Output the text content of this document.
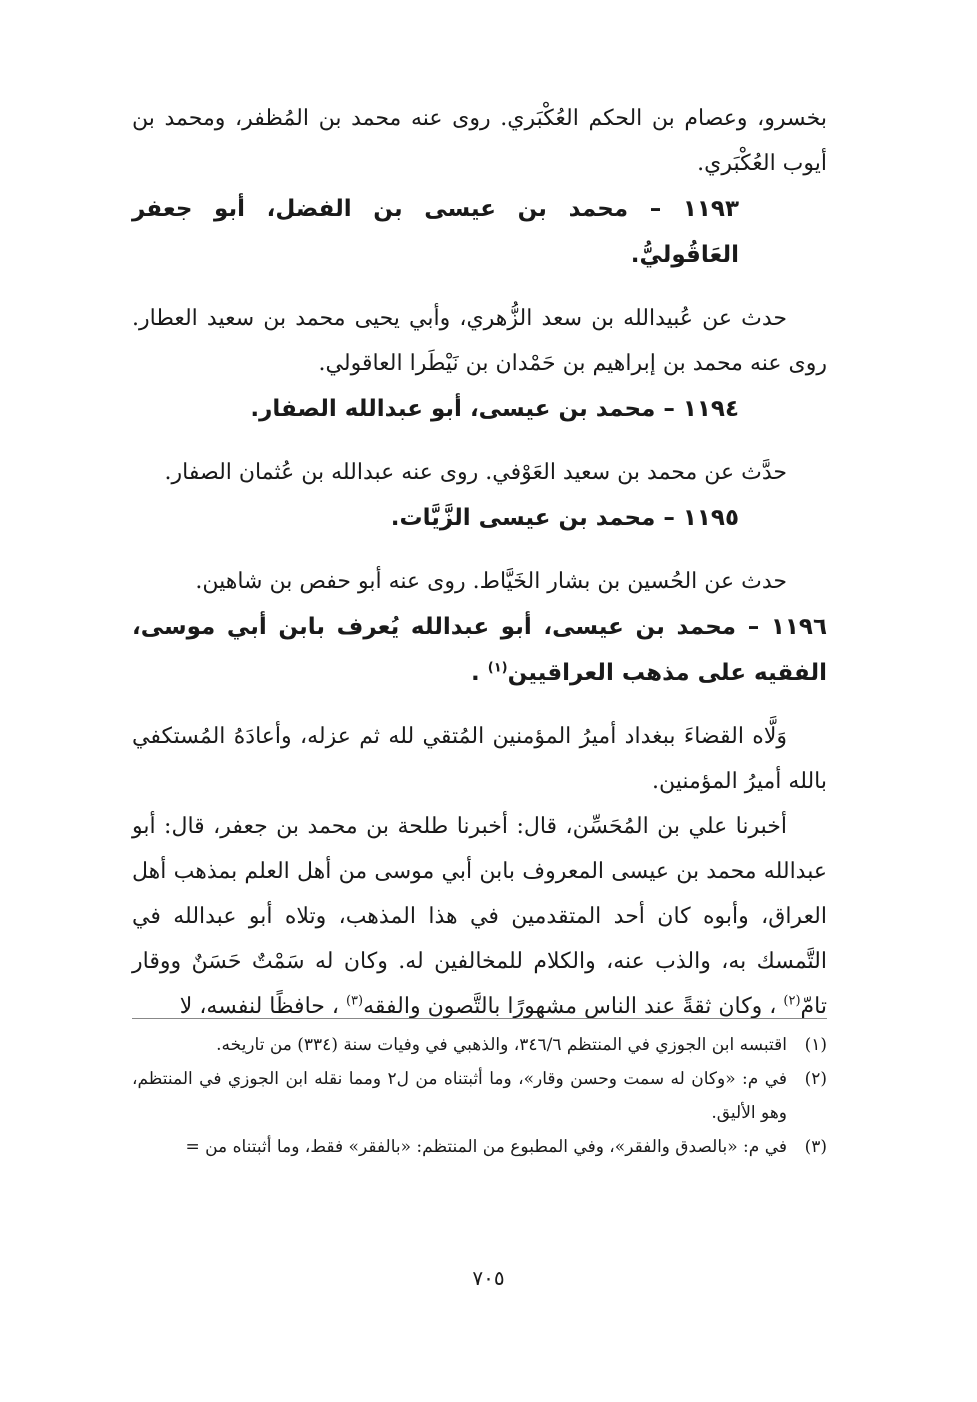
بخسرو، وعصام بن الحكم العُكْبَري. روى عنه محمد بن المُظفر، ومحمد بن أيوب العُكْبَري.

١١٩٣ – محمد بن عيسى بن الفضل، أبو جعفر العَاقُوليُّ.

حدث عن عُبيدالله بن سعد الزُّهري، وأبي يحيى محمد بن سعيد العطار. روى عنه محمد بن إبراهيم بن حَمْدان بن نَيْطَرا العاقولي.

١١٩٤ – محمد بن عيسى، أبو عبدالله الصفار.

حدَّث عن محمد بن سعيد العَوْفي. روى عنه عبدالله بن عُثمان الصفار.

١١٩٥ – محمد بن عيسى الزَّيَّات.

حدث عن الحُسين بن بشار الخَيَّاط. روى عنه أبو حفص بن شاهين.

١١٩٦ – محمد بن عيسى، أبو عبدالله يُعرف بابن أبي موسى، الفقيه على مذهب العراقيين$^{(١)}$ .

وَلَّاه القضاءَ ببغداد أميرُ المؤمنين المُتقي لله ثم عزله، وأعادَهُ المُستكفي بالله أميرُ المؤمنين.

أخبرنا علي بن المُحَسِّن، قال: أخبرنا طلحة بن محمد بن جعفر، قال: أبو عبدالله محمد بن عيسى المعروف بابن أبي موسى من أهل العلم بمذهب أهل العراق، وأبوه كان أحد المتقدمين في هذا المذهب، وتلاه أبو عبدالله في التَّمسك به، والذب عنه، والكلام للمخالفين له. وكان له سَمْتٌ حَسَنٌ ووقار تامّ$^{(٢)}$ ، وكان ثقةً عند الناس مشهورًا بالتَّصون والفقه$^{(٣)}$ ، حافظًا لنفسه، لا

(١)
اقتبسه ابن الجوزي في المنتظم ٣٤٦/٦، والذهبي في وفيات سنة (٣٣٤) من تاريخه.

(٢)
في م: «وكان له سمت وحسن وقار»، وما أثبتناه من ل٢ ومما نقله ابن الجوزي في المنتظم، وهو الأليق.

(٣)
في م: «بالصدق والفقر»، وفي المطبوع من المنتظم: «بالفقر» فقط، وما أثبتناه من =

٧٠٥
